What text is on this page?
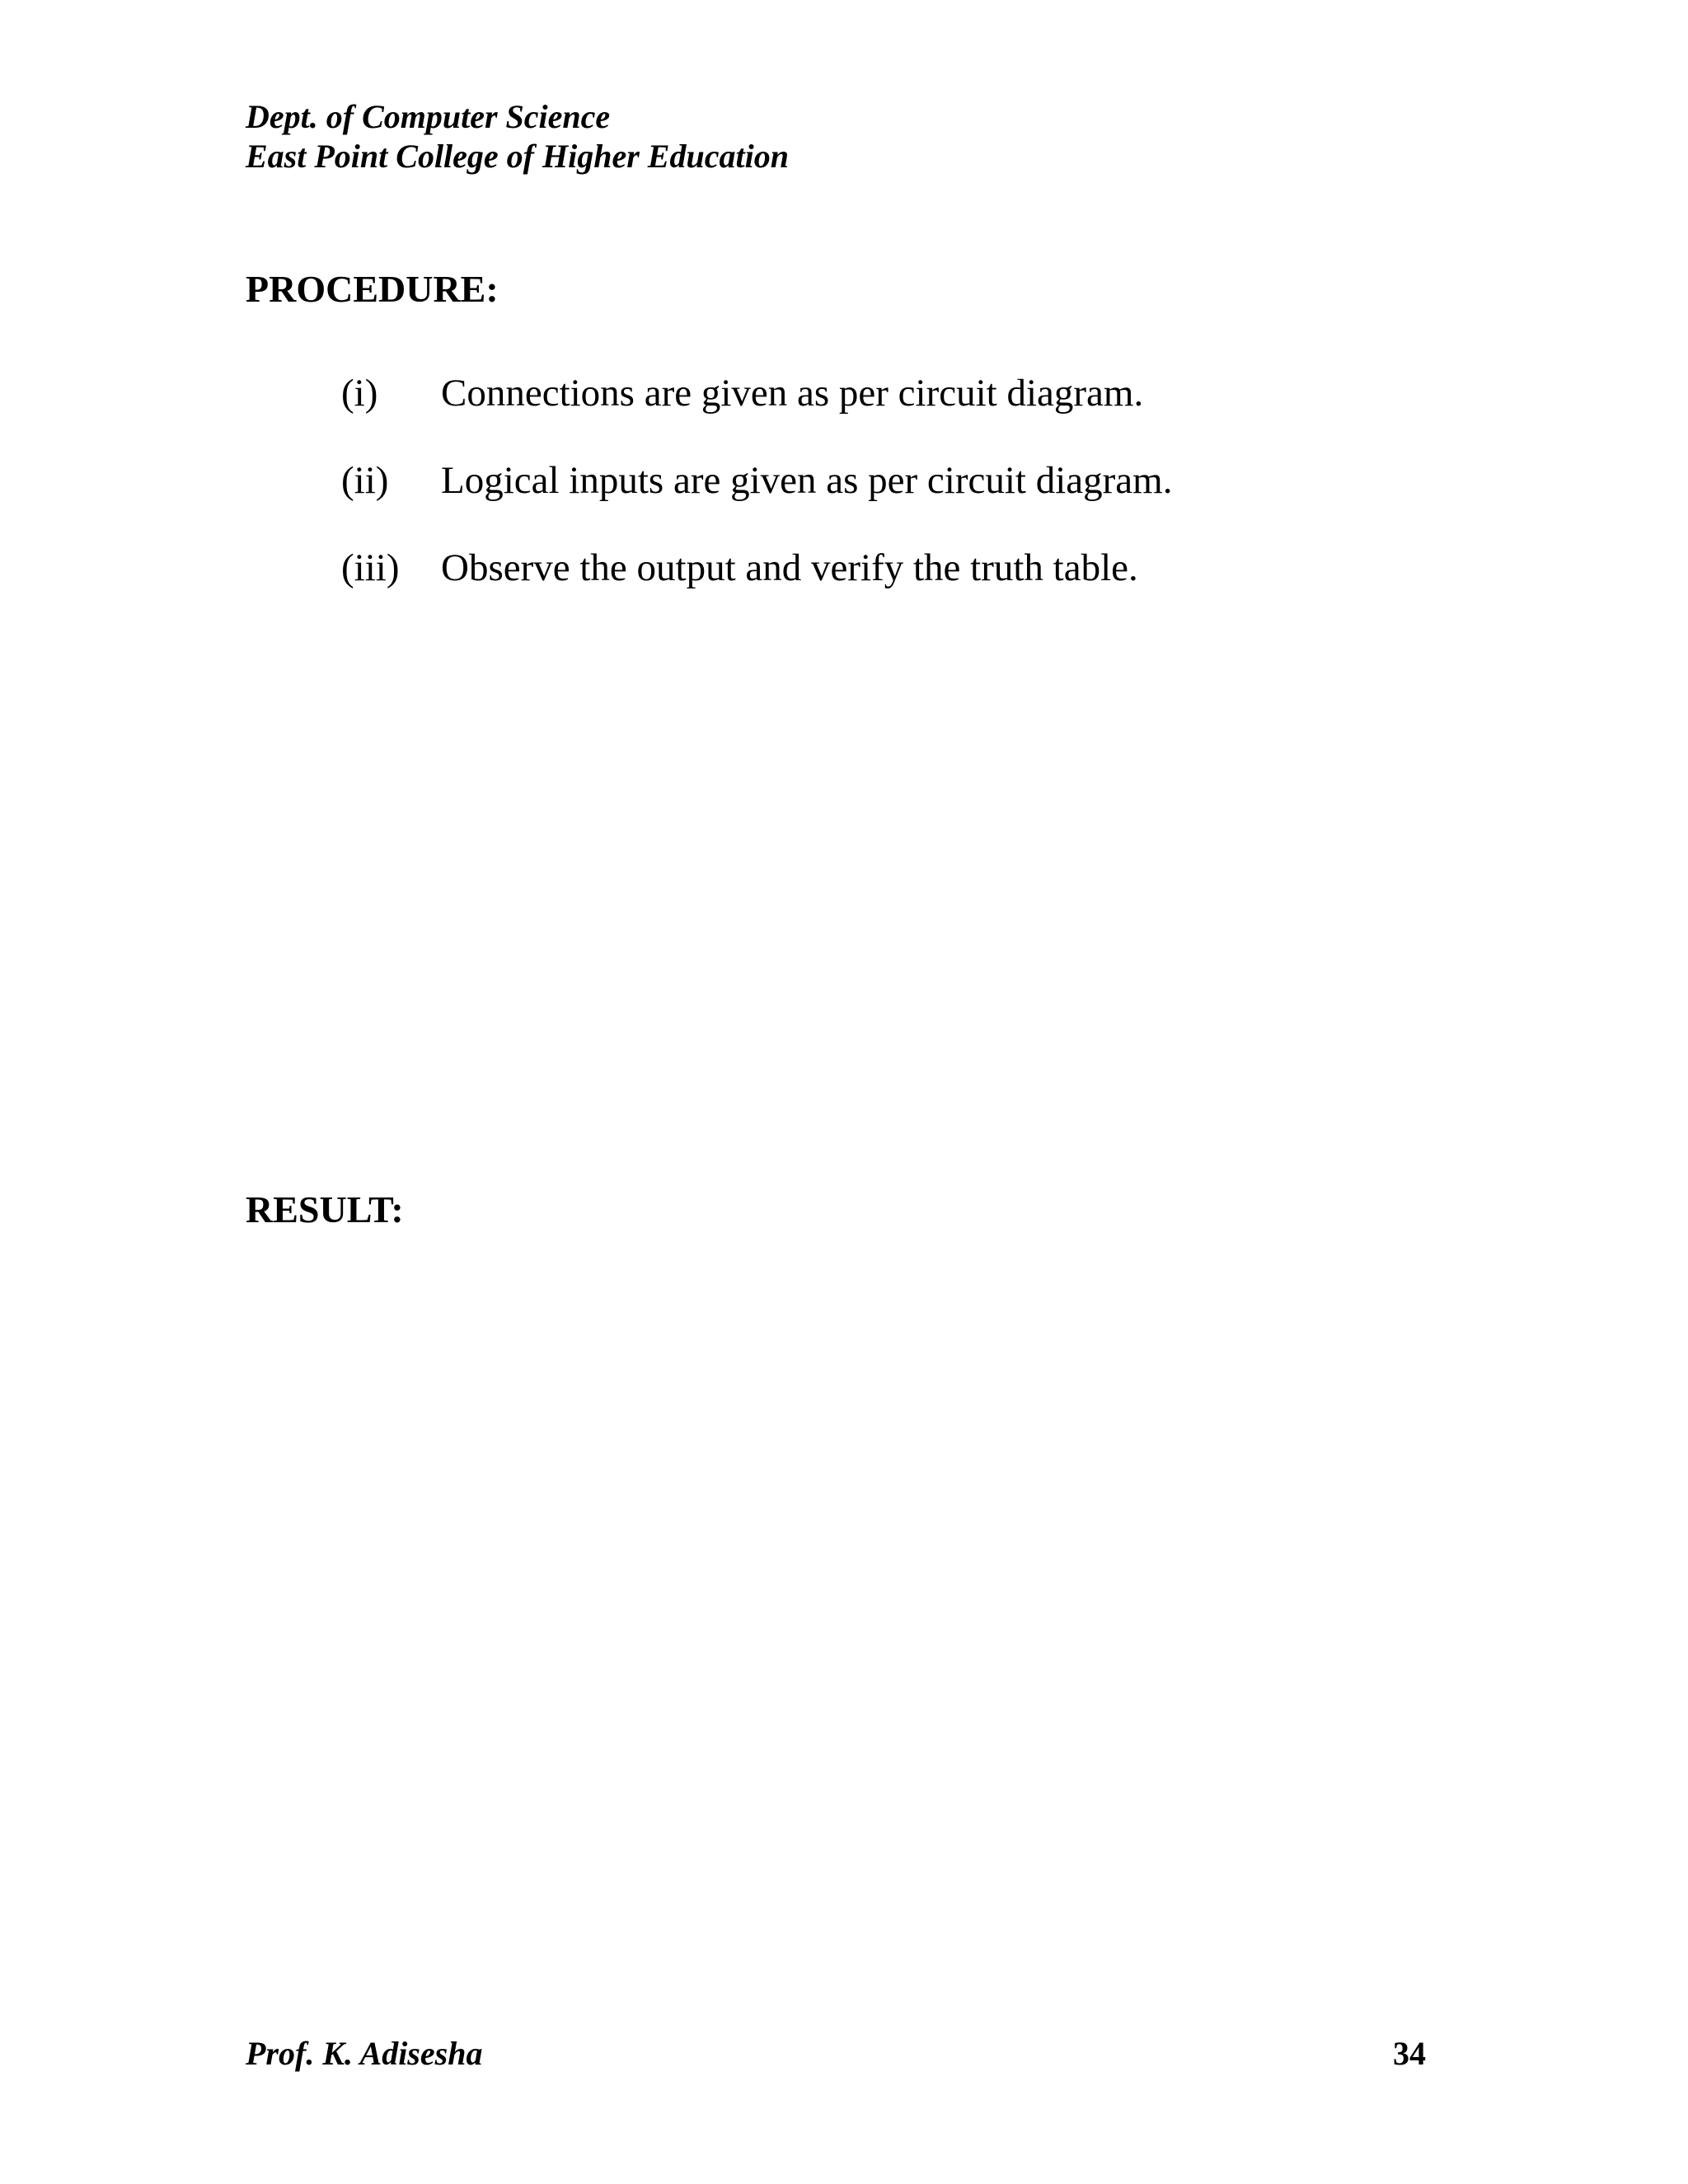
Dept. of Computer Science
East Point College of Higher Education
PROCEDURE:
(i)	Connections are given as per circuit diagram.
(ii)	Logical inputs are given as per circuit diagram.
(iii)	Observe the output and verify the truth table.
RESULT:
Prof. K. Adisesha	34
